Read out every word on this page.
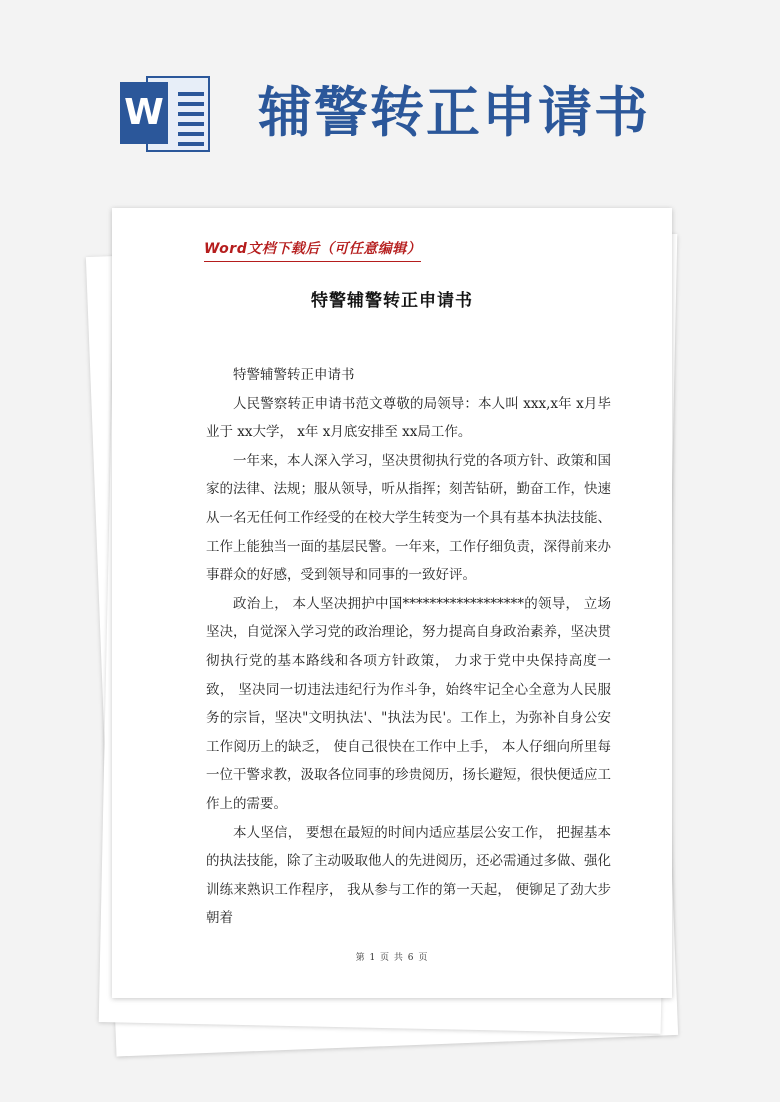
W 辅警转正申请书
Word文档下载后（可任意编辑）
特警辅警转正申请书

特警辅警转正申请书

人民警察转正申请书范文尊敬的局领导：本人叫 xxx,x年 x月毕业于 xx大学， x年 x月底安排至 xx局工作。

一年来，本人深入学习，坚决贯彻执行党的各项方针、政策和国家的法律、法规；服从领导，听从指挥；刻苦钻研，勤奋工作，快速从一名无任何工作经受的在校大学生转变为一个具有基本执法技能、工作上能独当一面的基层民警。一年来，工作仔细负责，深得前来办事群众的好感，受到领导和同事的一致好评。

政治上， 本人坚决拥护中国******************的领导， 立场坚决，自觉深入学习党的政治理论，努力提高自身政治素养，坚决贯彻执行党的基本路线和各项方针政策， 力求于党中央保持高度一致， 坚决同一切违法违纪行为作斗争，始终牢记全心全意为人民服务的宗旨，坚决"文明执法'、"执法为民'。工作上，为弥补自身公安工作阅历上的缺乏， 使自己很快在工作中上手， 本人仔细向所里每一位干警求教，汲取各位同事的珍贵阅历，扬长避短，很快便适应工作上的需要。

本人坚信， 要想在最短的时间内适应基层公安工作， 把握基本的执法技能，除了主动吸取他人的先进阅历，还必需通过多做、强化训练来熟识工作程序， 我从参与工作的第一天起， 便铆足了劲大步朝着

第 1 页 共 6 页
